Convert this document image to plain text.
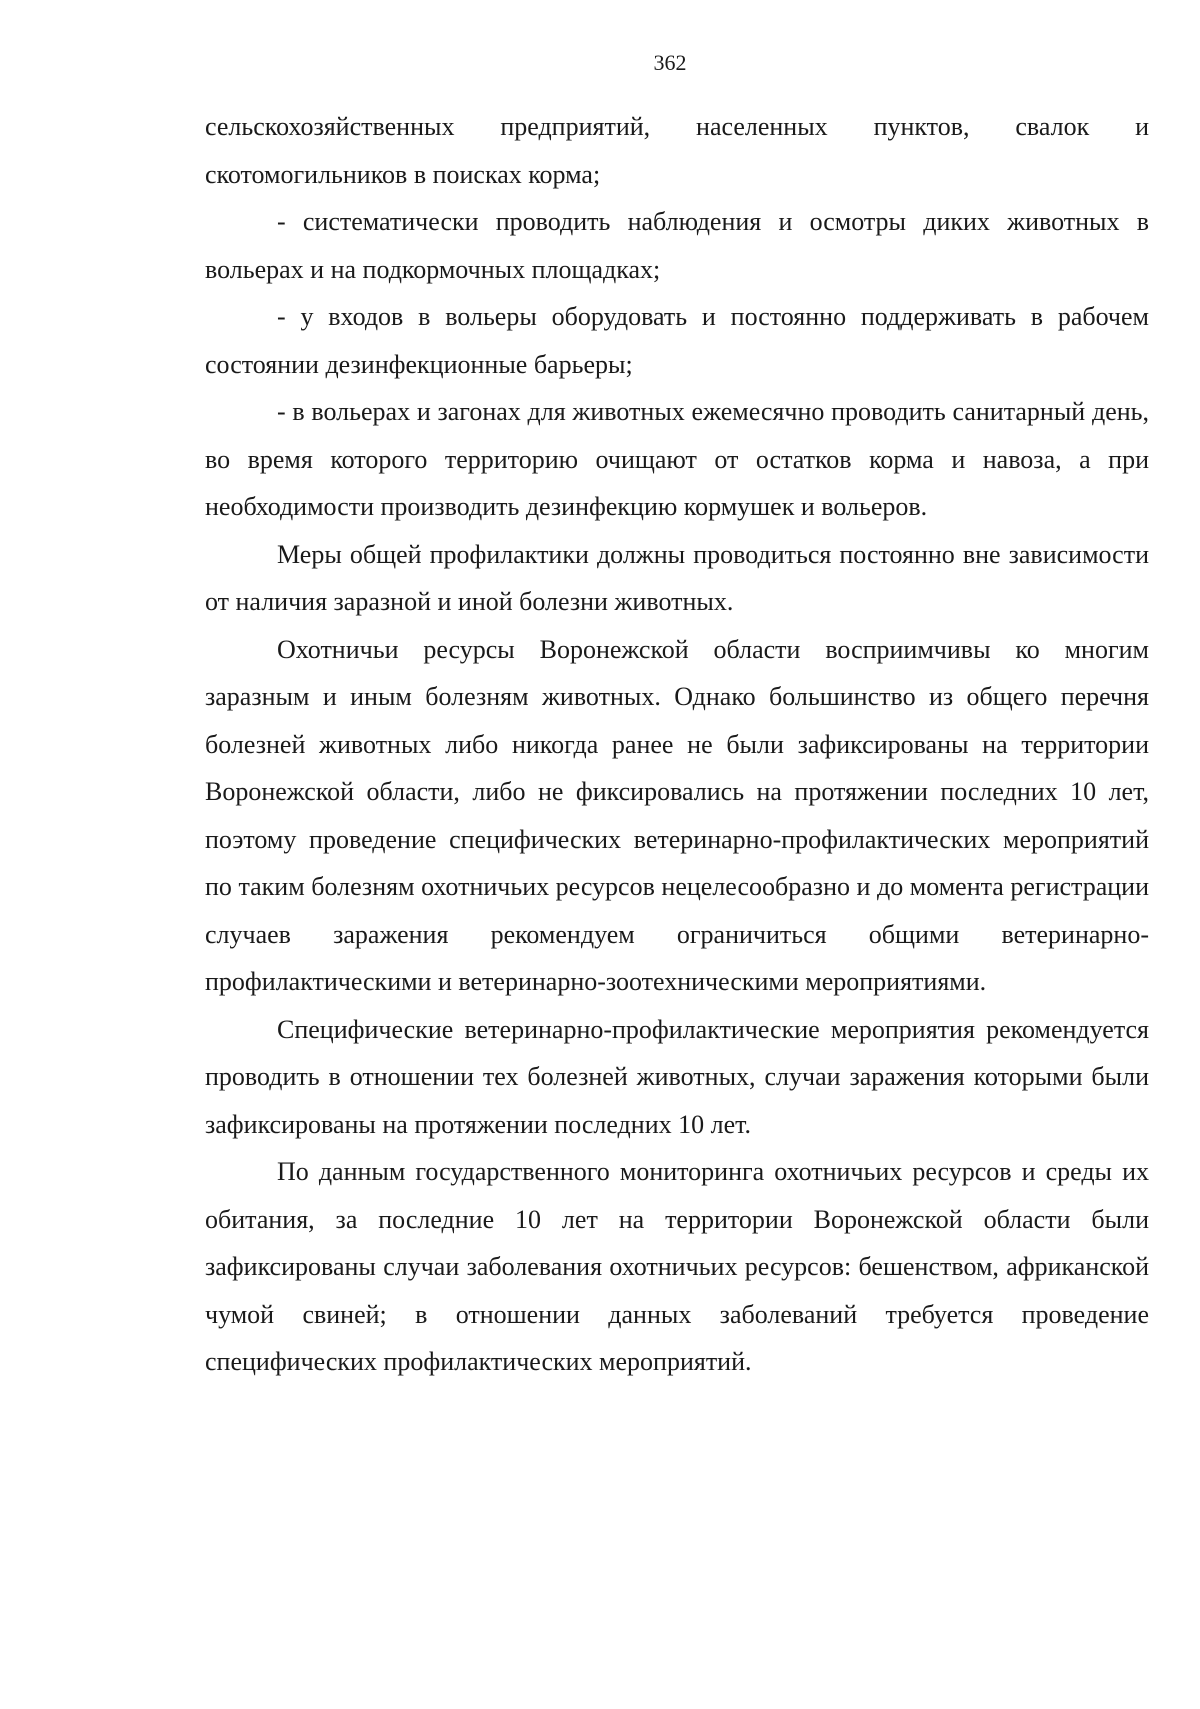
362

сельскохозяйственных предприятий, населенных пунктов, свалок и скотомогильников в поисках корма;

- систематически проводить наблюдения и осмотры диких животных в вольерах и на подкормочных площадках;

- у входов в вольеры оборудовать и постоянно поддерживать в рабочем состоянии дезинфекционные барьеры;

- в вольерах и загонах для животных ежемесячно проводить санитарный день, во время которого территорию очищают от остатков корма и навоза, а при необходимости производить дезинфекцию кормушек и вольеров.

Меры общей профилактики должны проводиться постоянно вне зависимости от наличия заразной и иной болезни животных.

Охотничьи ресурсы Воронежской области восприимчивы ко многим заразным и иным болезням животных. Однако большинство из общего перечня болезней животных либо никогда ранее не были зафиксированы на территории Воронежской области, либо не фиксировались на протяжении последних 10 лет, поэтому проведение специфических ветеринарно-профилактических мероприятий по таким болезням охотничьих ресурсов нецелесообразно и до момента регистрации случаев заражения рекомендуем ограничиться общими ветеринарно-профилактическими и ветеринарно-зоотехническими мероприятиями.

Специфические ветеринарно-профилактические мероприятия рекомендуется проводить в отношении тех болезней животных, случаи заражения которыми были зафиксированы на протяжении последних 10 лет.

По данным государственного мониторинга охотничьих ресурсов и среды их обитания, за последние 10 лет на территории Воронежской области были зафиксированы случаи заболевания охотничьих ресурсов: бешенством, африканской чумой свиней; в отношении данных заболеваний требуется проведение специфических профилактических мероприятий.
